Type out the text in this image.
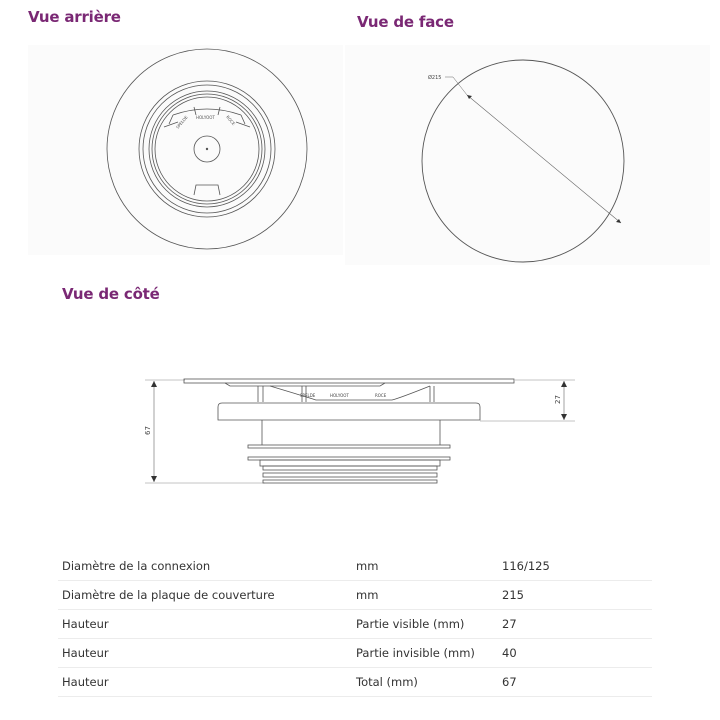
Vue arrière
SPELDE HOLYOOT	ROCE
Vue de face
Ø215
Vue de côté
67
27
SPELDE	HOLYOOT	ROCE
Diamètre de la connexion	mm	116/125
Diamètre de la plaque de couverture	mm	215
Hauteur	Partie visible (mm)	27
Hauteur	Partie invisible (mm)	40
Hauteur	Total (mm)	67
